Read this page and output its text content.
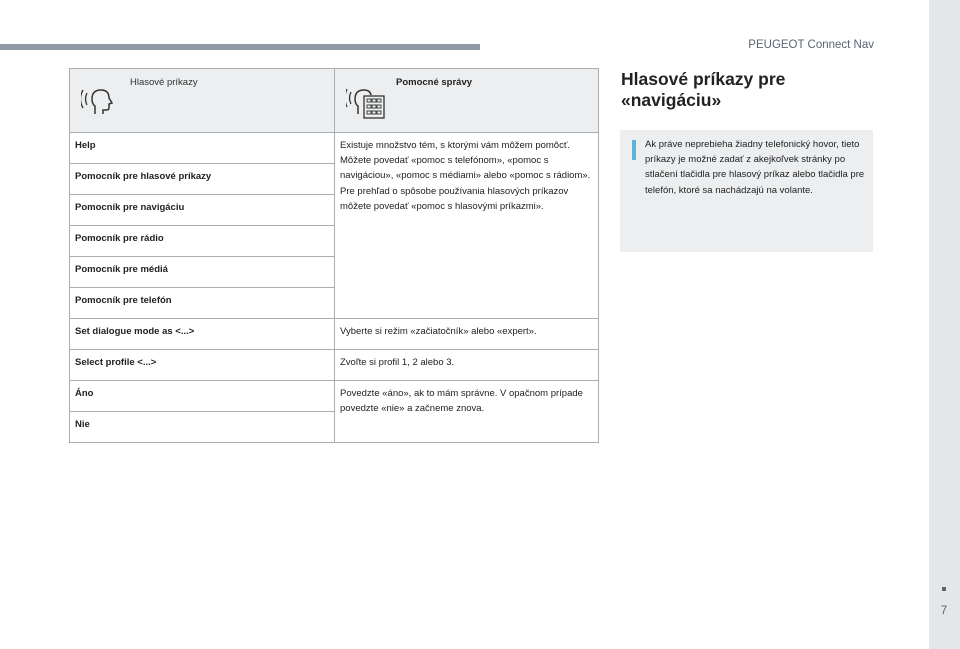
PEUGEOT Connect Nav
Hlasové príkazy	Pomocné správy

Help	Existuje množstvo tém, s ktorými vám môžem pomôcť. Môžete povedať «pomoc s telefónom», «pomoc s navigáciou», «pomoc s médiami» alebo «pomoc s rádiom». Pre prehľad o spôsobe používania hlasových príkazov môžete povedať «pomoc s hlasovými príkazmi».

Pomocník pre hlasové príkazy	

Pomocník pre navigáciu	

Pomocník pre rádio	

Pomocník pre médiá	

Pomocník pre telefón	

Set dialogue mode as <...>	Vyberte si režim «začiatočník» alebo «expert».

Select profile <...>	Zvoľte si profil 1, 2 alebo 3.

Áno	Povedzte «áno», ak to mám správne. V opačnom prípade povedzte «nie» a začneme znova.

Nie	
Hlasové príkazy pre «navigáciu»
Ak práve neprebieha žiadny telefonický hovor, tieto príkazy je možné zadať z akejkoľvek stránky po stlačení tlačidla pre hlasový príkaz alebo tlačidla pre telefón, ktoré sa nachádzajú na volante.
7
